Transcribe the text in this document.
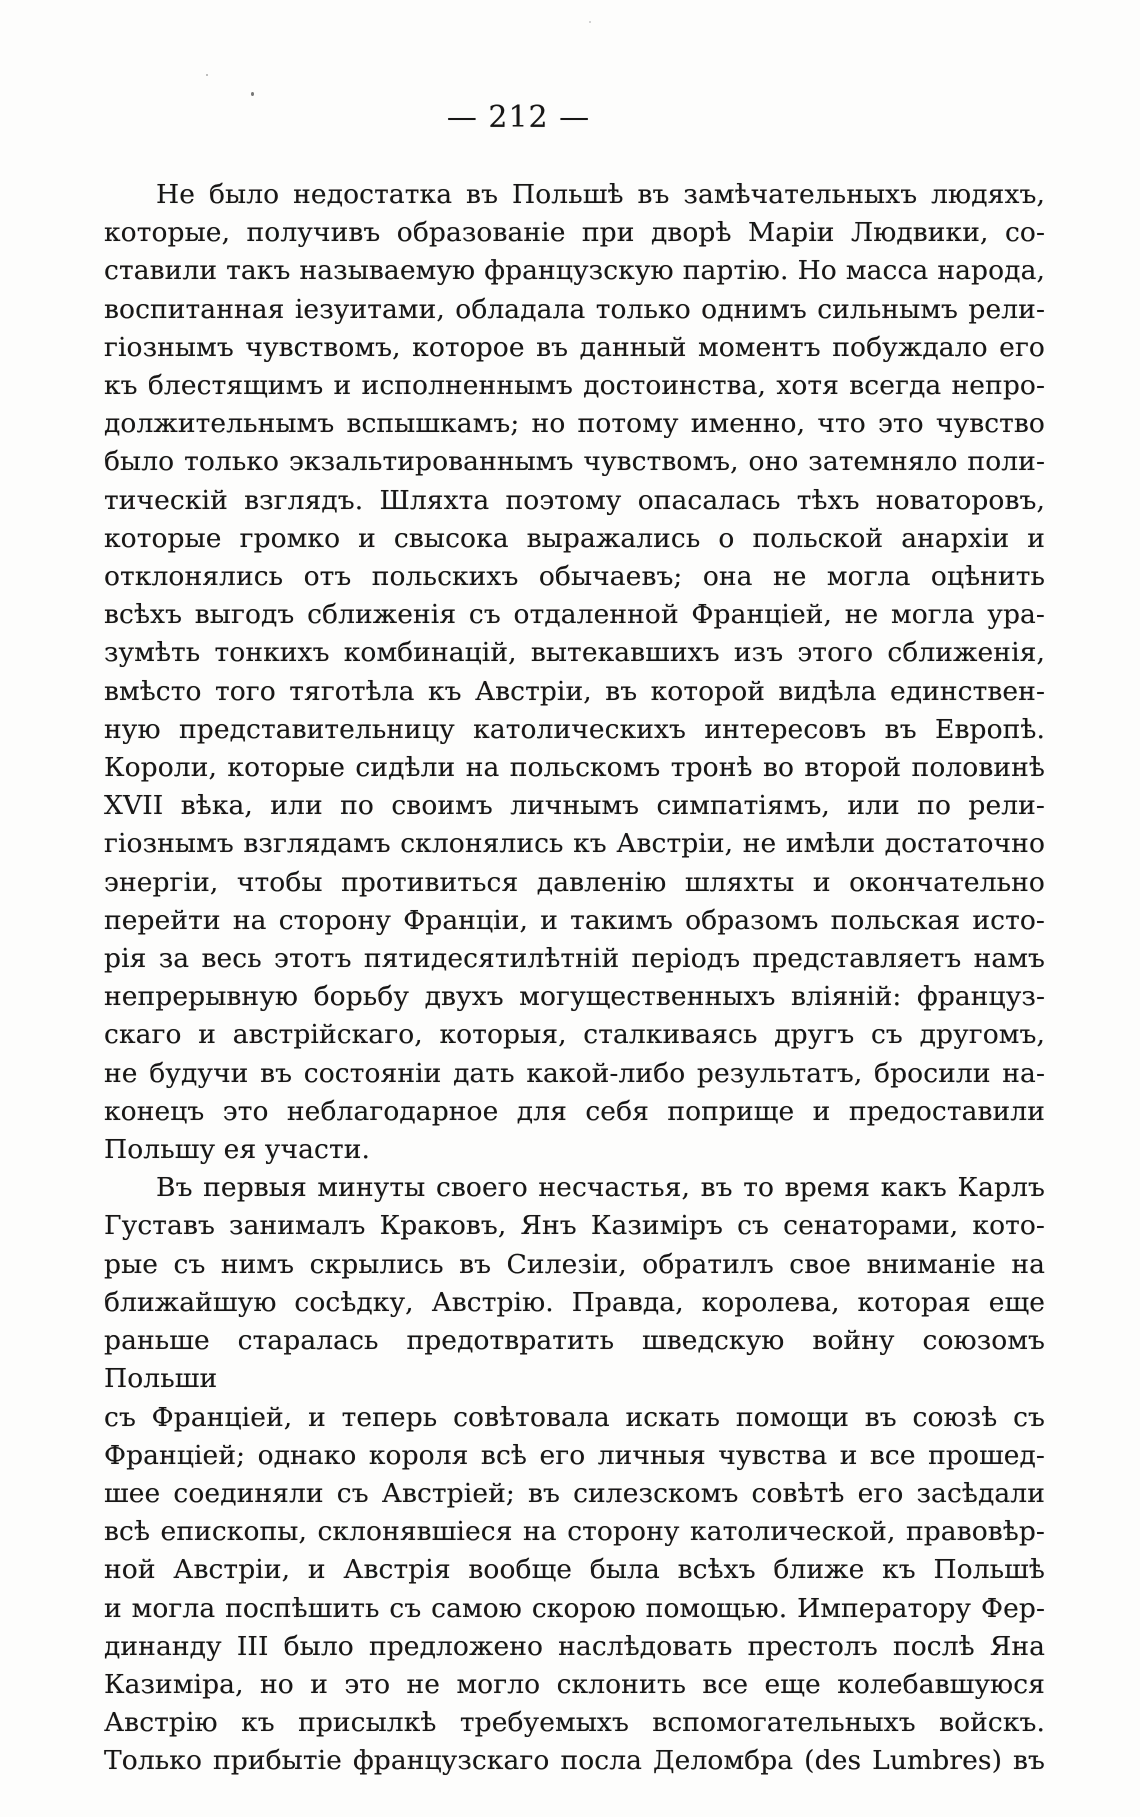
— 212 —
Не было недостатка въ Польшѣ въ замѣчательныхъ людяхъ,
которые, получивъ образованіе при дворѣ Маріи Людвики, со-
ставили такъ называемую французскую партію. Но масса народа,
воспитанная іезуитами, обладала только однимъ сильнымъ рели-
гіознымъ чувствомъ, которое въ данный моментъ побуждало его
къ блестящимъ и исполненнымъ достоинства, хотя всегда непро-
должительнымъ вспышкамъ; но потому именно, что это чувство
было только экзальтированнымъ чувствомъ, оно затемняло поли-
тическій взглядъ. Шляхта поэтому опасалась тѣхъ новаторовъ,
которые громко и свысока выражались о польской анархіи и
отклонялись отъ польскихъ обычаевъ; она не могла оцѣнить
всѣхъ выгодъ сближенія съ отдаленной Франціей, не могла ура-
зумѣть тонкихъ комбинацій, вытекавшихъ изъ этого сближенія,
вмѣсто того тяготѣла къ Австріи, въ которой видѣла единствен-
ную представительницу католическихъ интересовъ въ Европѣ.
Короли, которые сидѣли на польскомъ тронѣ во второй половинѣ
XVII вѣка, или по своимъ личнымъ симпатіямъ, или по рели-
гіознымъ взглядамъ склонялись къ Австріи, не имѣли достаточно
энергіи, чтобы противиться давленію шляхты и окончательно
перейти на сторону Франціи, и такимъ образомъ польская исто-
рія за весь этотъ пятидесятилѣтній періодъ представляетъ намъ
непрерывную борьбу двухъ могущественныхъ вліяній: француз-
скаго и австрійскаго, которыя, сталкиваясь другъ съ другомъ,
не будучи въ состояніи дать какой-либо результатъ, бросили на-
конецъ это неблагодарное для себя поприще и предоставили
Польшу ея участи.
Въ первыя минуты своего несчастья, въ то время какъ Карлъ
Густавъ занималъ Краковъ, Янъ Казиміръ съ сенаторами, кото-
рые съ нимъ скрылись въ Силезіи, обратилъ свое вниманіе на
ближайшую сосѣдку, Австрію. Правда, королева, которая еще
раньше старалась предотвратить шведскую войну союзомъ Польши
съ Франціей, и теперь совѣтовала искать помощи въ союзѣ съ
Франціей; однако короля всѣ его личныя чувства и все прошед-
шее соединяли съ Австріей; въ силезскомъ совѣтѣ его засѣдали
всѣ епископы, склонявшіеся на сторону католической, правовѣр-
ной Австріи, и Австрія вообще была всѣхъ ближе къ Польшѣ
и могла поспѣшить съ самою скорою помощью. Императору Фер-
динанду III было предложено наслѣдовать престолъ послѣ Яна
Казиміра, но и это не могло склонить все еще колебавшуюся
Австрію къ присылкѣ требуемыхъ вспомогательныхъ войскъ.
Только прибытіе французскаго посла Деломбра (des Lumbres) въ
